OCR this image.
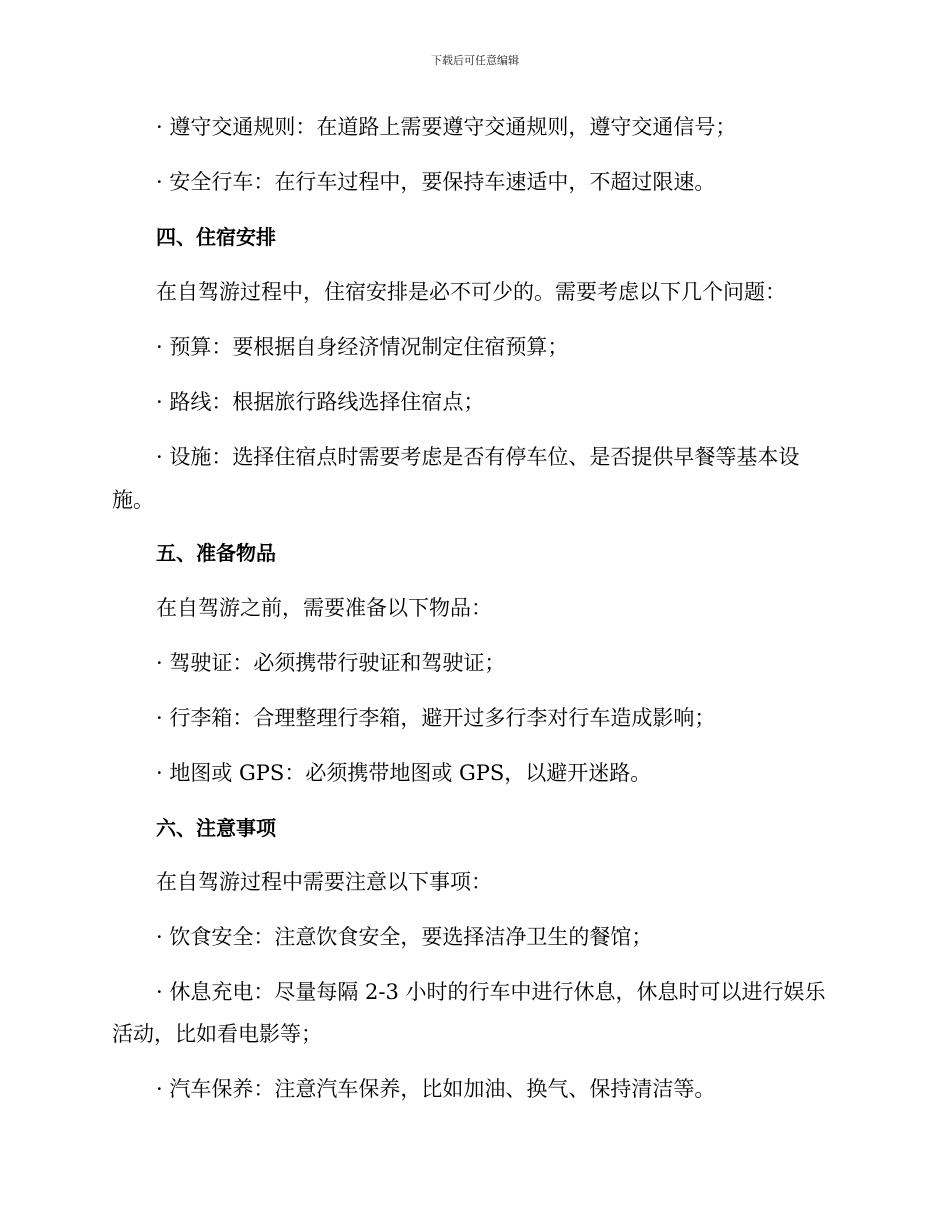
下载后可任意编辑
· 遵守交通规则：在道路上需要遵守交通规则，遵守交通信号；
· 安全行车：在行车过程中，要保持车速适中，不超过限速。
四、住宿安排
在自驾游过程中，住宿安排是必不可少的。需要考虑以下几个问题：
· 预算：要根据自身经济情况制定住宿预算；
· 路线：根据旅行路线选择住宿点；
· 设施：选择住宿点时需要考虑是否有停车位、是否提供早餐等基本设
施。
五、准备物品
在自驾游之前，需要准备以下物品：
· 驾驶证：必须携带行驶证和驾驶证；
· 行李箱：合理整理行李箱，避开过多行李对行车造成影响；
· 地图或 GPS：必须携带地图或 GPS，以避开迷路。
六、注意事项
在自驾游过程中需要注意以下事项：
· 饮食安全：注意饮食安全，要选择洁净卫生的餐馆；
· 休息充电：尽量每隔 2-3 小时的行车中进行休息，休息时可以进行娱乐
活动，比如看电影等；
· 汽车保养：注意汽车保养，比如加油、换气、保持清洁等。
